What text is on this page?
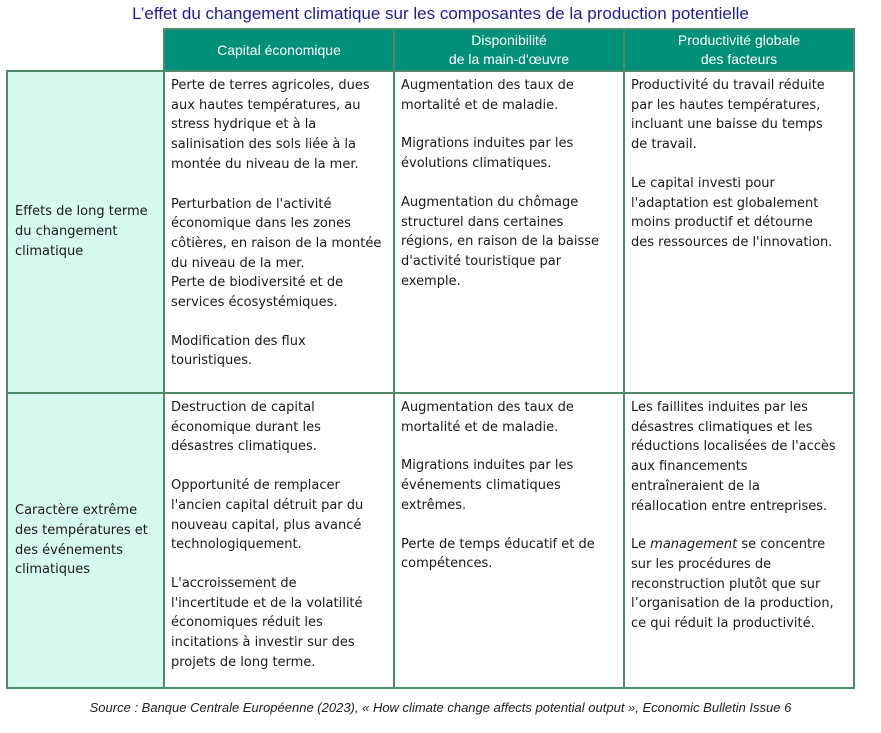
L’effet du changement climatique sur les composantes de la production potentielle
Capital économique
Disponibilité
de la main-d'œuvre
Productivité globale
des facteurs
Effets de long terme du changement climatique

Perte de terres agricoles, dues
aux hautes températures, au
stress hydrique et à la
salinisation des sols liée à la
montée du niveau de la mer.

Perturbation de l'activité
économique dans les zones
côtières, en raison de la montée
du niveau de la mer.

Perte de biodiversité et de
services écosystémiques.

Modification des flux
touristiques.

Augmentation des taux de
mortalité et de maladie.

Migrations induites par les
évolutions climatiques.

Augmentation du chômage
structurel dans certaines
régions, en raison de la baisse
d'activité touristique par
exemple.

Productivité du travail réduite
par les hautes températures,
incluant une baisse du temps
de travail.

Le capital investi pour
l'adaptation est globalement
moins productif et détourne
des ressources de l'innovation.

Caractère extrême des températures et des événements climatiques

Destruction de capital
économique durant les
désastres climatiques.

Opportunité de remplacer
l'ancien capital détruit par du
nouveau capital, plus avancé
technologiquement.

L'accroissement de
l'incertitude et de la volatilité
économiques réduit les
incitations à investir sur des
projets de long terme.

Augmentation des taux de
mortalité et de maladie.

Migrations induites par les
événements climatiques
extrêmes.

Perte de temps éducatif et de
compétences.

Les faillites induites par les
désastres climatiques et les
réductions localisées de l'accès
aux financements
entraîneraient de la
réallocation entre entreprises.

Le management se concentre
sur les procédures de
reconstruction plutôt que sur
l’organisation de la production,
ce qui réduit la productivité.

Source : Banque Centrale Européenne (2023), « How climate change affects potential output », Economic Bulletin Issue 6
